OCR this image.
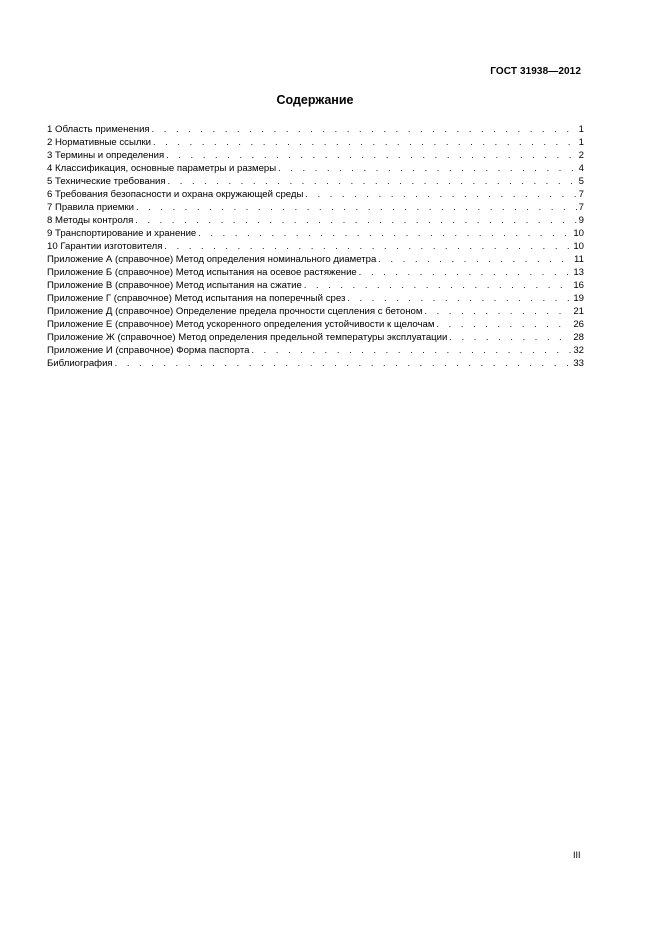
ГОСТ 31938—2012
Содержание
1 Область применения . . .	1
2 Нормативные ссылки . . .	1
3 Термины и определения . . .	2
4 Классификация, основные параметры и размеры . . .	4
5 Технические требования . . .	5
6 Требования безопасности и охрана окружающей среды . . .	7
7 Правила приемки . . .	7
8 Методы контроля . . .	9
9 Транспортирование и хранение . . .	10
10 Гарантии изготовителя . . .	10
Приложение А (справочное) Метод определения номинального диаметра . . .	11
Приложение Б (справочное) Метод испытания на осевое растяжение . . .	13
Приложение В (справочное) Метод испытания на сжатие . . .	16
Приложение Г (справочное) Метод испытания на поперечный срез . . .	19
Приложение Д (справочное) Определение предела прочности сцепления с бетоном . . .	21
Приложение Е (справочное) Метод ускоренного определения устойчивости к щелочам . . .	26
Приложение Ж (справочное) Метод определения предельной температуры эксплуатации . . .	28
Приложение И (справочное) Форма паспорта . . .	32
Библиография . . .	33
III
